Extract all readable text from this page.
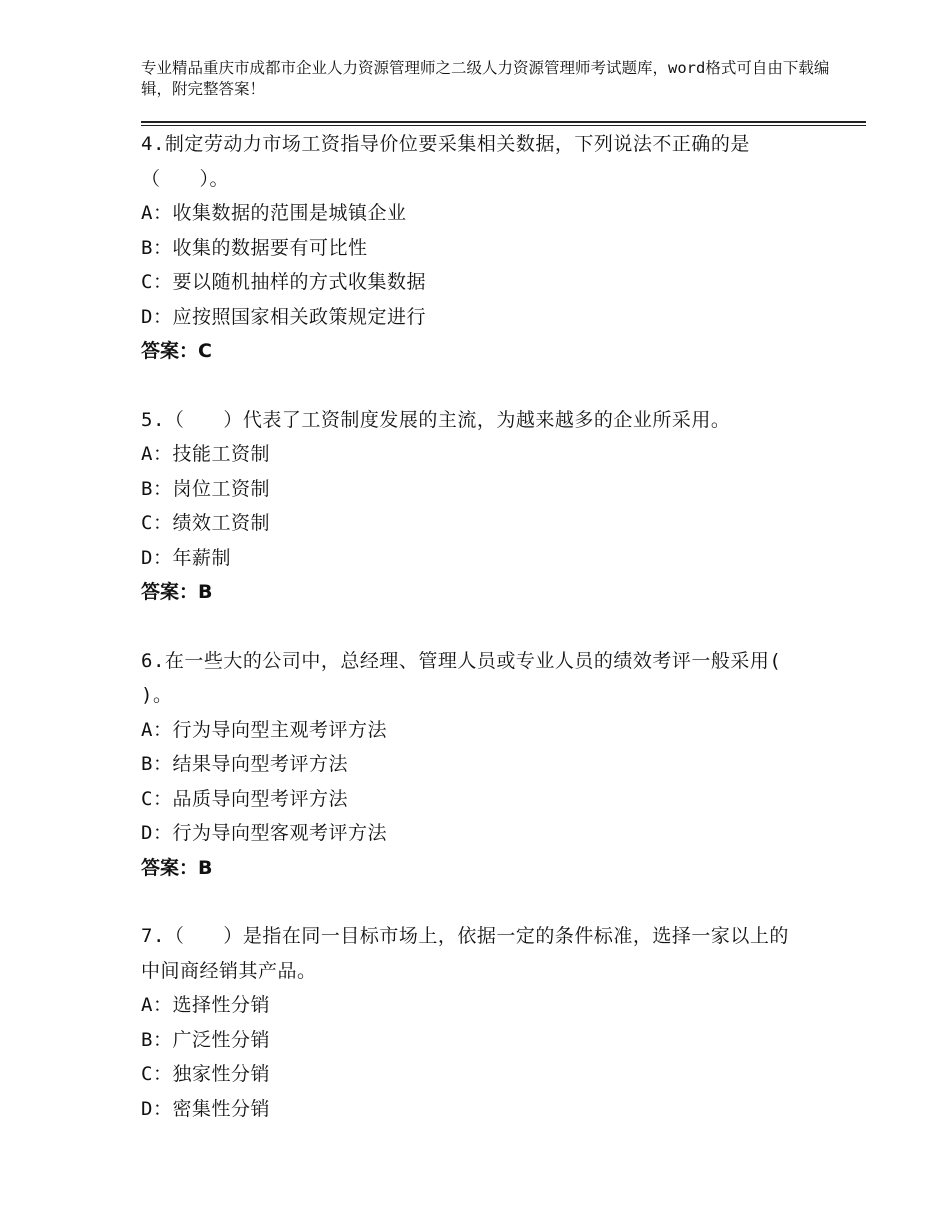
专业精品重庆市成都市企业人力资源管理师之二级人力资源管理师考试题库，word格式可自由下载编辑，附完整答案！
4.制定劳动力市场工资指导价位要采集相关数据，下列说法不正确的是（　　）。
A：收集数据的范围是城镇企业
B：收集的数据要有可比性
C：要以随机抽样的方式收集数据
D：应按照国家相关政策规定进行
答案：C
5.（　　）代表了工资制度发展的主流，为越来越多的企业所采用。
A：技能工资制
B：岗位工资制
C：绩效工资制
D：年薪制
答案：B
6.在一些大的公司中，总经理、管理人员或专业人员的绩效考评一般采用( )。
A：行为导向型主观考评方法
B：结果导向型考评方法
C：品质导向型考评方法
D：行为导向型客观考评方法
答案：B
7.（　　）是指在同一目标市场上，依据一定的条件标准，选择一家以上的中间商经销其产品。
A：选择性分销
B：广泛性分销
C：独家性分销
D：密集性分销
